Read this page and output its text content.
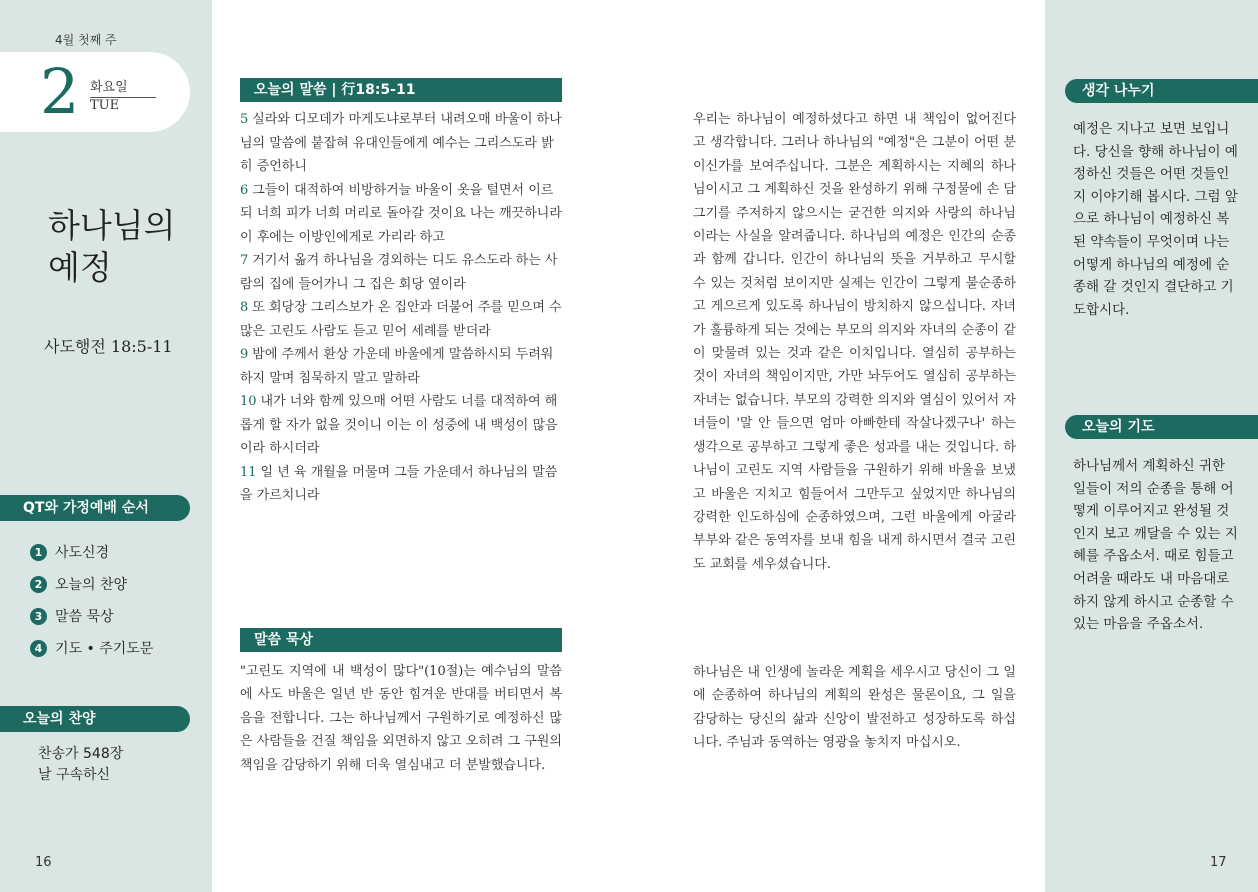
4월 첫째 주
2 화요일
TUE
하나님의
예정
사도행전 18:5-11
QT와 가정예배 순서
1 사도신경
2 오늘의 찬양
3 말씀 묵상
4 기도 • 주기도문
오늘의 찬양
찬송가 548장
날 구속하신
16	17
오늘의 말씀 | 行18:5-11
5 실라와 디모데가 마게도냐로부터 내려오매 바울이 하나님의 말씀에 붙잡혀 유대인들에게 예수는 그리스도라 밝히 증언하니
6 그들이 대적하여 비방하거늘 바울이 옷을 털면서 이르되 너희 피가 너희 머리로 돌아갈 것이요 나는 깨끗하니라 이 후에는 이방인에게로 가리라 하고
7 거기서 옮겨 하나님을 경외하는 디도 유스도라 하는 사람의 집에 들어가니 그 집은 회당 옆이라
8 또 회당장 그리스보가 온 집안과 더불어 주를 믿으며 수많은 고린도 사람도 듣고 믿어 세례를 받더라
9 밤에 주께서 환상 가운데 바울에게 말씀하시되 두려워하지 말며 침묵하지 말고 말하라
10 내가 너와 함께 있으매 어떤 사람도 너를 대적하여 해롭게 할 자가 없을 것이니 이는 이 성중에 내 백성이 많음이라 하시더라
11 일 년 육 개월을 머물며 그들 가운데서 하나님의 말씀을 가르치니라
말씀 묵상
"고린도 지역에 내 백성이 많다"(10절)는 예수님의 말씀에 사도 바울은 일년 반 동안 힘겨운 반대를 버티면서 복음을 전합니다. 그는 하나님께서 구원하기로 예정하신 많은 사람들을 건질 책임을 외면하지 않고 오히려 그 구원의 책임을 감당하기 위해 더욱 열심내고 더 분발했습니다.
우리는 하나님이 예정하셨다고 하면 내 책임이 없어진다고 생각합니다. 그러나 하나님의 "예정"은 그분이 어떤 분이신가를 보여주십니다. 그분은 계획하시는 지혜의 하나님이시고 그 계획하신 것을 완성하기 위해 구정물에 손 담그기를 주저하지 않으시는 굳건한 의지와 사랑의 하나님이라는 사실을 알려줍니다. 하나님의 예정은 인간의 순종과 함께 갑니다. 인간이 하나님의 뜻을 거부하고 무시할 수 있는 것처럼 보이지만 실제는 인간이 그렇게 불순종하고 게으르게 있도록 하나님이 방치하지 않으십니다. 자녀가 훌륭하게 되는 것에는 부모의 의지와 자녀의 순종이 같이 맞물려 있는 것과 같은 이치입니다. 열심히 공부하는 것이 자녀의 책임이지만, 가만 놔두어도 열심히 공부하는 자녀는 없습니다. 부모의 강력한 의지와 열심이 있어서 자녀들이 '말 안 들으면 엄마 아빠한테 작살나겠구나' 하는 생각으로 공부하고 그렇게 좋은 성과를 내는 것입니다. 하나님이 고린도 지역 사람들을 구원하기 위해 바울을 보냈고 바울은 지치고 힘들어서 그만두고 싶었지만 하나님의 강력한 인도하심에 순종하였으며, 그런 바울에게 아굴라 부부와 같은 동역자를 보내 힘을 내게 하시면서 결국 고린도 교회를 세우셨습니다.
하나님은 내 인생에 놀라운 계획을 세우시고 당신이 그 일에 순종하여 하나님의 계획의 완성은 물론이요, 그 일을 감당하는 당신의 삶과 신앙이 발전하고 성장하도록 하십니다. 주님과 동역하는 영광을 놓치지 마십시오.
생각 나누기
예정은 지나고 보면 보입니다. 당신을 향해 하나님이 예정하신 것들은 어떤 것들인지 이야기해 봅시다. 그럼 앞으로 하나님이 예정하신 복된 약속들이 무엇이며 나는 어떻게 하나님의 예정에 순종해 갈 것인지 결단하고 기도합시다.
오늘의 기도
하나님께서 계획하신 귀한 일들이 저의 순종을 통해 어떻게 이루어지고 완성될 것인지 보고 깨달을 수 있는 지혜를 주옵소서. 때로 힘들고 어려울 때라도 내 마음대로 하지 않게 하시고 순종할 수 있는 마음을 주옵소서.
